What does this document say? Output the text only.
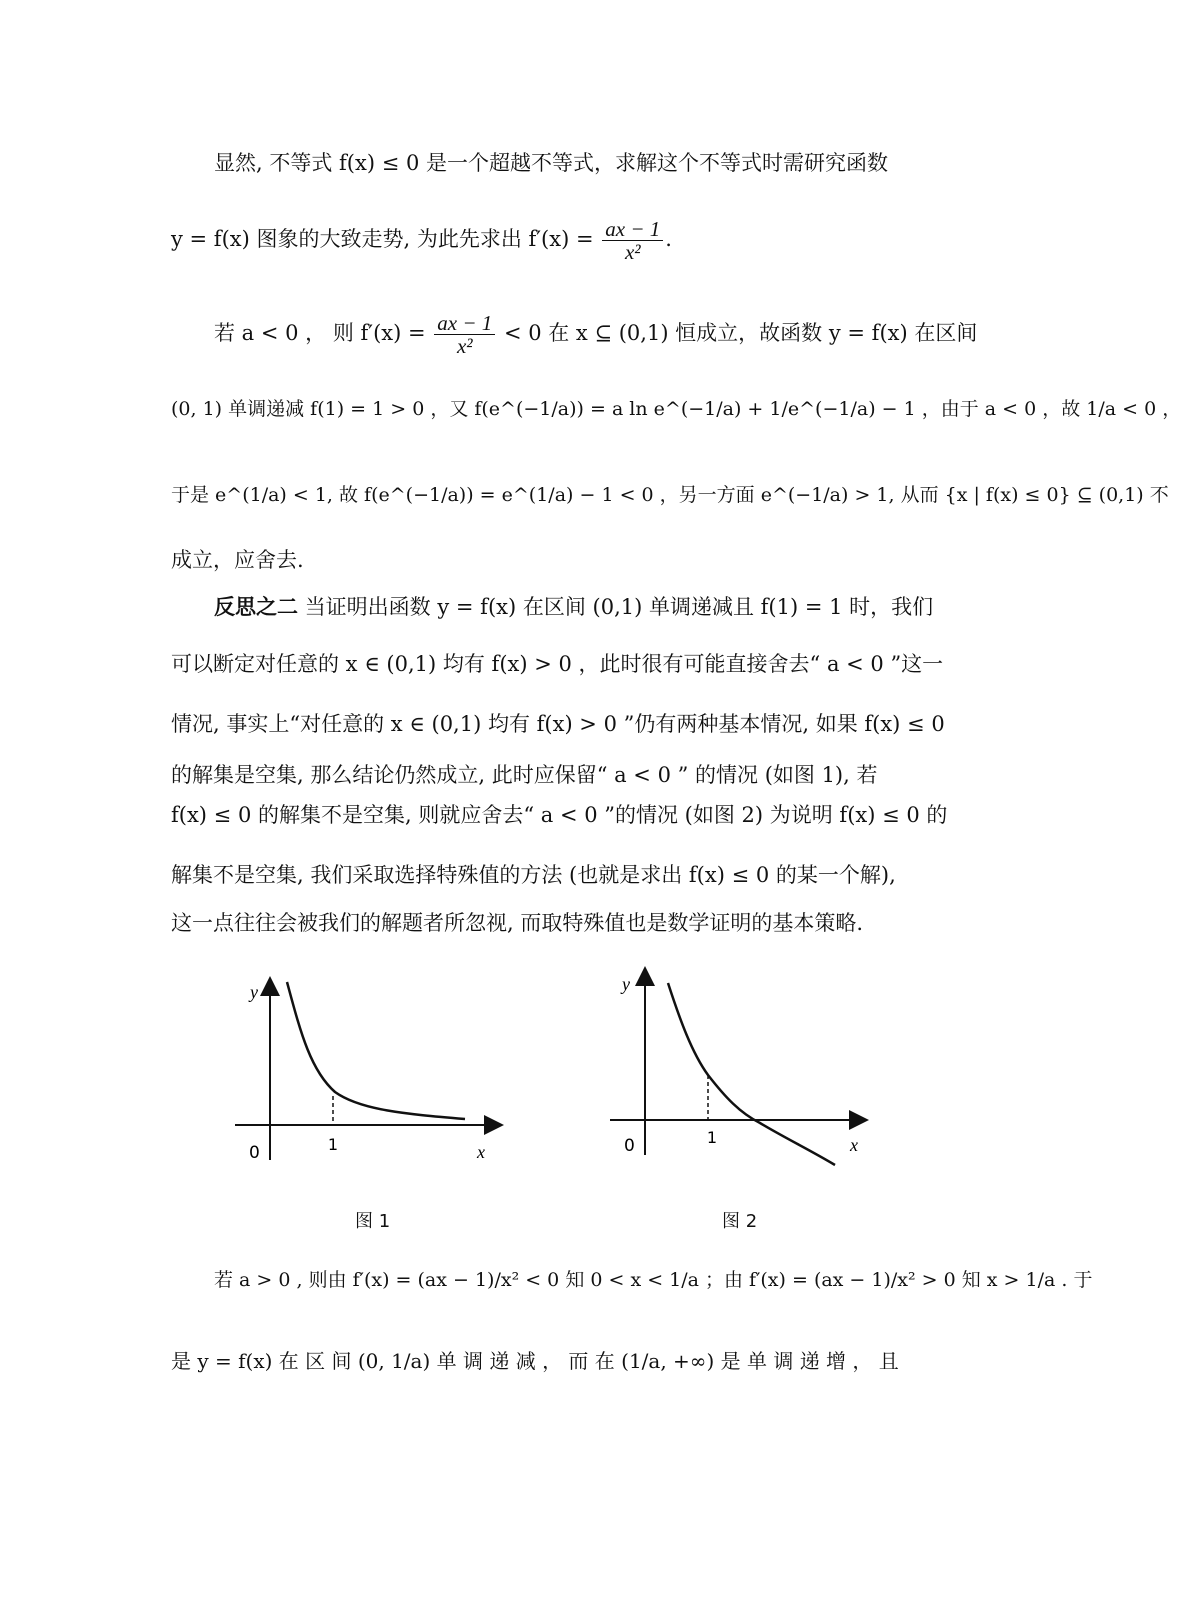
显然, 不等式 f(x) ≤ 0 是一个超越不等式，求解这个不等式时需研究函数
y = f(x) 图象的大致走势, 为此先求出 $f'(x) = \frac{ax - 1}{\text{x²}}$ .
若 a < 0 ， 则 $f'(x) = \frac{ax - 1}{\text{x²}} < 0$ 在 x ⊆ (0,1) 恒成立，故函数 y = f(x) 在区间
(0, 1) 单调递减 f(1) = 1 > 0 ，又 f(e^(−1/a)) = a ln e^(−1/a) + 1/e^(−1/a) − 1 ，由于 a < 0 ，故 1/a < 0 ，
于是 e^(1/a) < 1, 故 f(e^(−1/a)) = e^(1/a) − 1 < 0 ，另一方面 e^(−1/a) > 1, 从而 {x | f(x) ≤ 0} ⊆ (0,1) 不
成立，应舍去.
反思之二 当证明出函数 y = f(x) 在区间 (0,1) 单调递减且 f(1) = 1 时，我们
可以断定对任意的 x ∈ (0,1) 均有 f(x) > 0 ，此时很有可能直接舍去“ a < 0 ”这一
情况, 事实上“对任意的 x ∈ (0,1) 均有 f(x) > 0 ”仍有两种基本情况, 如果 f(x) ≤ 0
的解集是空集, 那么结论仍然成立, 此时应保留“ a < 0 ” 的情况 (如图 1), 若
f(x) ≤ 0 的解集不是空集, 则就应舍去“ a < 0 ”的情况 (如图 2) 为说明 f(x) ≤ 0 的
解集不是空集, 我们采取选择特殊值的方法 (也就是求出 f(x) ≤ 0 的某一个解),
这一点往往会被我们的解题者所忽视, 而取特殊值也是数学证明的基本策略.
y
x
0	1
图 1
y
x
0	1
图 2
若 a > 0 , 则由 f′(x) = (ax − 1)/x² < 0 知 0 < x < 1/a ；由 f′(x) = (ax − 1)/x² > 0 知 x > 1/a . 于
是 y = f(x) 在 区 间 (0, 1/a) 单 调 递 减 ， 而 在 (1/a, +∞) 是 单 调 递 增 ， 且
